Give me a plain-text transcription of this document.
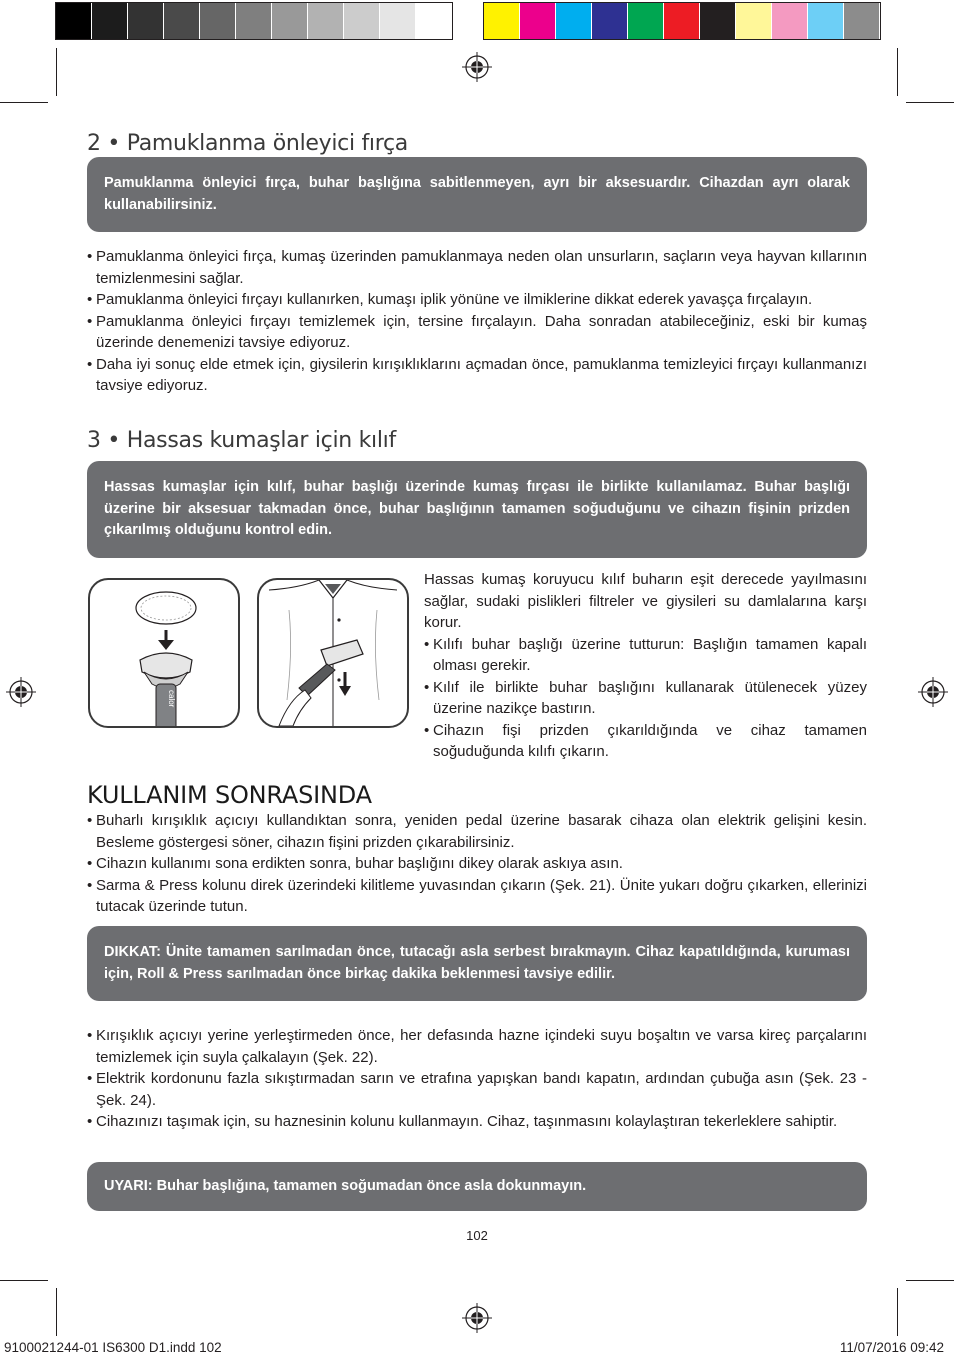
2 • Pamuklanma önleyici fırça
Pamuklanma önleyici fırça, buhar başlığına sabitlenmeyen, ayrı bir aksesuardır. Cihazdan ayrı olarak kullanabilirsiniz.
• Pamuklanma önleyici fırça, kumaş üzerinden pamuklanmaya neden olan unsurların, saçların veya hayvan kıllarının temizlenmesini sağlar.
• Pamuklanma önleyici fırçayı kullanırken, kumaşı iplik yönüne ve ilmiklerine dikkat ederek yavaşça fırçalayın.
• Pamuklanma önleyici fırçayı temizlemek için, tersine fırçalayın. Daha sonradan atabileceğiniz, eski bir kumaş üzerinde denemenizi tavsiye ediyoruz.
• Daha iyi sonuç elde etmek için, giysilerin kırışıklıklarını açmadan önce, pamuklanma temizleyici fırçayı kullanmanızı tavsiye ediyoruz.
3 • Hassas kumaşlar için kılıf
Hassas kumaşlar için kılıf, buhar başlığı üzerinde kumaş fırçası ile birlikte kullanılamaz. Buhar başlığı üzerine bir aksesuar takmadan önce, buhar başlığının tamamen soğuduğunu ve cihazın fişinin prizden çıkarılmış olduğunu kontrol edin.
calor

Hassas kumaş koruyucu kılıf buharın eşit derecede yayılmasını sağlar, sudaki pislikleri filtreler ve giysileri su damlalarına karşı korur.

• Kılıfı buhar başlığı üzerine tutturun: Başlığın tamamen kapalı olması gerekir.
• Kılıf ile birlikte buhar başlığını kullanarak ütülenecek yüzey üzerine nazikçe bastırın.
• Cihazın fişi prizden çıkarıldığında ve cihaz tamamen soğuduğunda kılıfı çıkarın.
KULLANIM SONRASINDA
• Buharlı kırışıklık açıcıyı kullandıktan sonra, yeniden pedal üzerine basarak cihaza olan elektrik gelişini kesin. Besleme göstergesi söner, cihazın fişini prizden çıkarabilirsiniz.
• Cihazın kullanımı sona erdikten sonra, buhar başlığını dikey olarak askıya asın.
• Sarma & Press kolunu direk üzerindeki kilitleme yuvasından çıkarın (Şek. 21). Ünite yukarı doğru çıkarken, ellerinizi tutacak üzerinde tutun.
DIKKAT: Ünite tamamen sarılmadan önce, tutacağı asla serbest bırakmayın. Cihaz kapatıldığında, kuruması için, Roll & Press sarılmadan önce birkaç dakika beklenmesi tavsiye edilir.
• Kırışıklık açıcıyı yerine yerleştirmeden önce, her defasında hazne içindeki suyu boşaltın ve varsa kireç parçalarını temizlemek için suyla çalkalayın (Şek. 22).
• Elektrik kordonunu fazla sıkıştırmadan sarın ve etrafına yapışkan bandı kapatın, ardından çubuğa asın (Şek. 23 - Şek. 24).
• Cihazınızı taşımak için, su haznesinin kolunu kullanmayın. Cihaz, taşınmasını kolaylaştıran tekerleklere sahiptir.
UYARI: Buhar başlığına, tamamen soğumadan önce asla dokunmayın.
102
9100021244-01 IS6300 D1.indd 102	11/07/2016 09:42
